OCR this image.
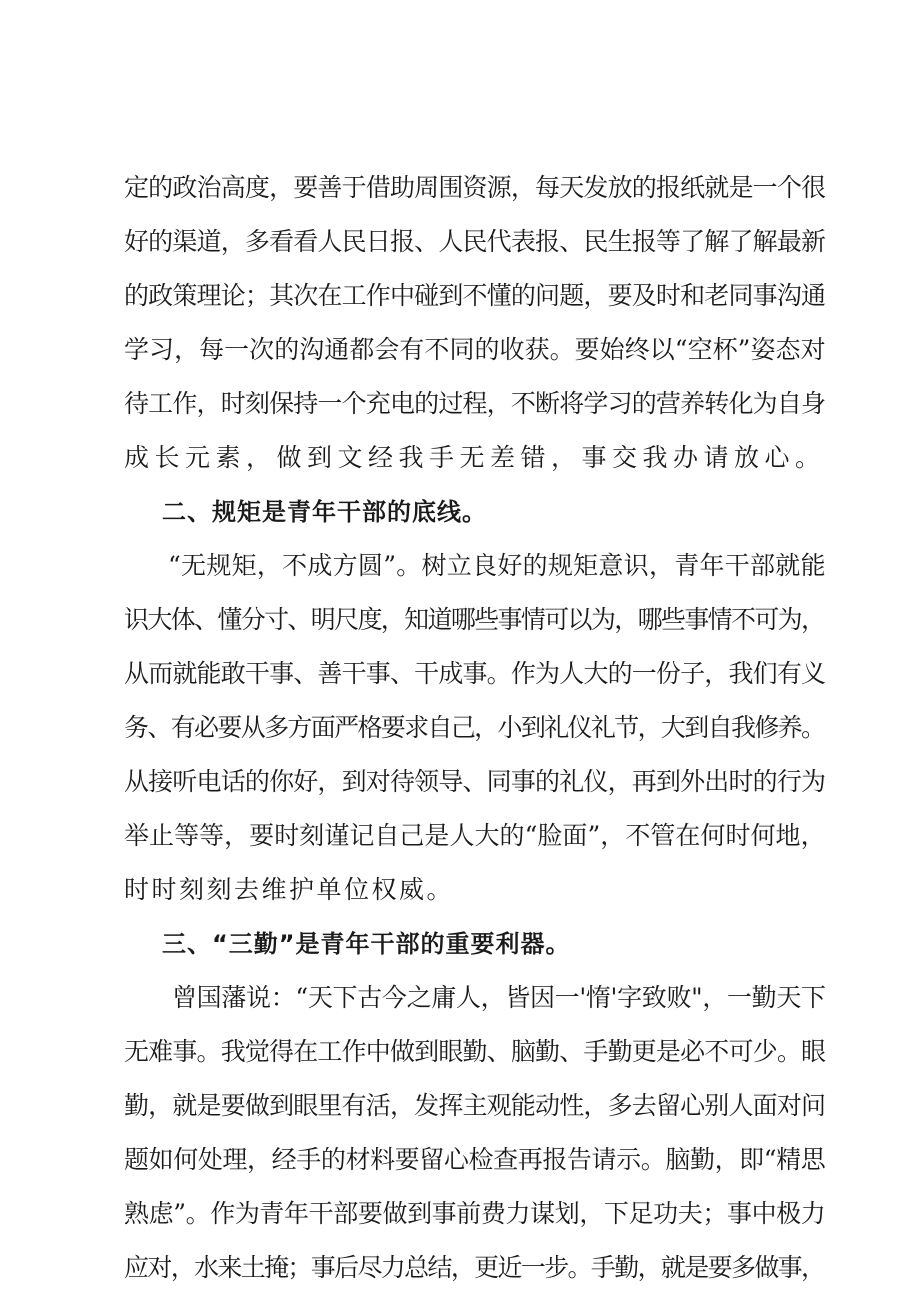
定的政治高度，要善于借助周围资源，每天发放的报纸就是一个很
好的渠道，多看看人民日报、人民代表报、民生报等了解了解最新
的政策理论；其次在工作中碰到不懂的问题，要及时和老同事沟通
学习，每一次的沟通都会有不同的收获。要始终以“空杯”姿态对
待工作，时刻保持一个充电的过程，不断将学习的营养转化为自身
成长元素，做到文经我手无差错，事交我办请放心。
二、规矩是青年干部的底线。
“无规矩，不成方圆”。树立良好的规矩意识，青年干部就能
识大体、懂分寸、明尺度，知道哪些事情可以为，哪些事情不可为，
从而就能敢干事、善干事、干成事。作为人大的一份子，我们有义
务、有必要从多方面严格要求自己，小到礼仪礼节，大到自我修养。
从接听电话的你好，到对待领导、同事的礼仪，再到外出时的行为
举止等等，要时刻谨记自己是人大的“脸面”，不管在何时何地，
时时刻刻去维护单位权威。
三、“三勤”是青年干部的重要利器。
曾国藩说：“天下古今之庸人，皆因一'惰'字致败"，一勤天下
无难事。我觉得在工作中做到眼勤、脑勤、手勤更是必不可少。眼
勤，就是要做到眼里有活，发挥主观能动性，多去留心别人面对问
题如何处理，经手的材料要留心检查再报告请示。脑勤，即“精思
熟虑”。作为青年干部要做到事前费力谋划，下足功夫；事中极力
应对，水来土掩；事后尽力总结，更近一步。手勤，就是要多做事，
